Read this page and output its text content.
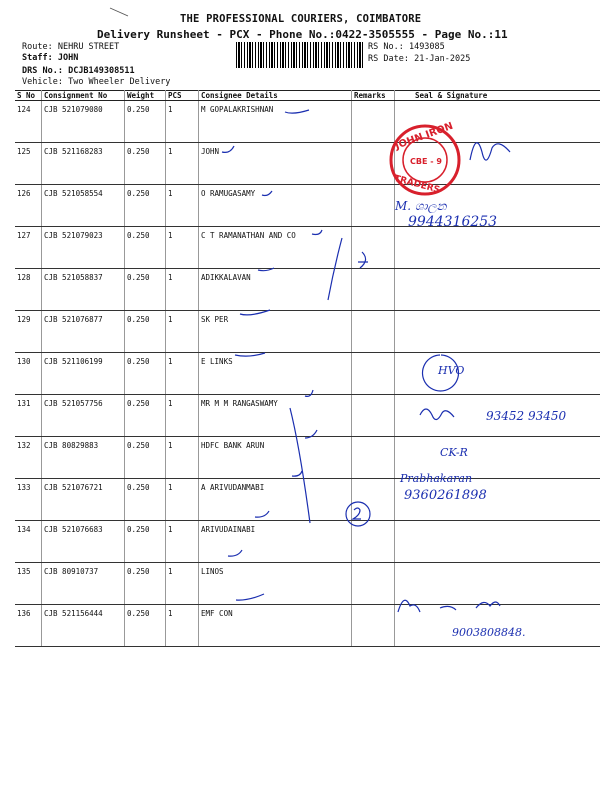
THE PROFESSIONAL COURIERS, COIMBATORE
Delivery Runsheet - PCX - Phone No.:0422-3505555 - Page No.:11
Route: NEHRU STREET
Staff: JOHN
DRS No.: DCJB149308511
Vehicle: Two Wheeler Delivery
RS No.: 1493085
RS Date: 21-Jan-2025
S No	Consignment No	Weight	PCS	Consignee Details	Remarks	Seal & Signature
124	CJB 521079080	0.250	1	M GOPALAKRISHNAN		
125	CJB 521168283	0.250	1	JOHN		
126	CJB 521058554	0.250	1	O RAMUGASAMY		
127	CJB 521079023	0.250	1	C T RAMANATHAN AND CO		
128	CJB 521058837	0.250	1	ADIKKALAVAN		
129	CJB 521076877	0.250	1	SK PER		
130	CJB 521106199	0.250	1	E LINKS		
131	CJB 521057756	0.250	1	MR M M RANGASWAMY		
132	CJB 80829883	0.250	1	HDFC BANK ARUN		
133	CJB 521076721	0.250	1	A ARIVUDANMABI		
134	CJB 521076683	0.250	1	ARIVUDAINABI		
135	CJB 80910737	0.250	1	LINOS		
136	CJB 521156444	0.250	1	EMF CON		
JOHN IRON
CBE - 9
TRADERS
M. ශාලන
9944316253
HVO
93452 93450
CK-R
Prabhakaran
9360261898
9003808848.
